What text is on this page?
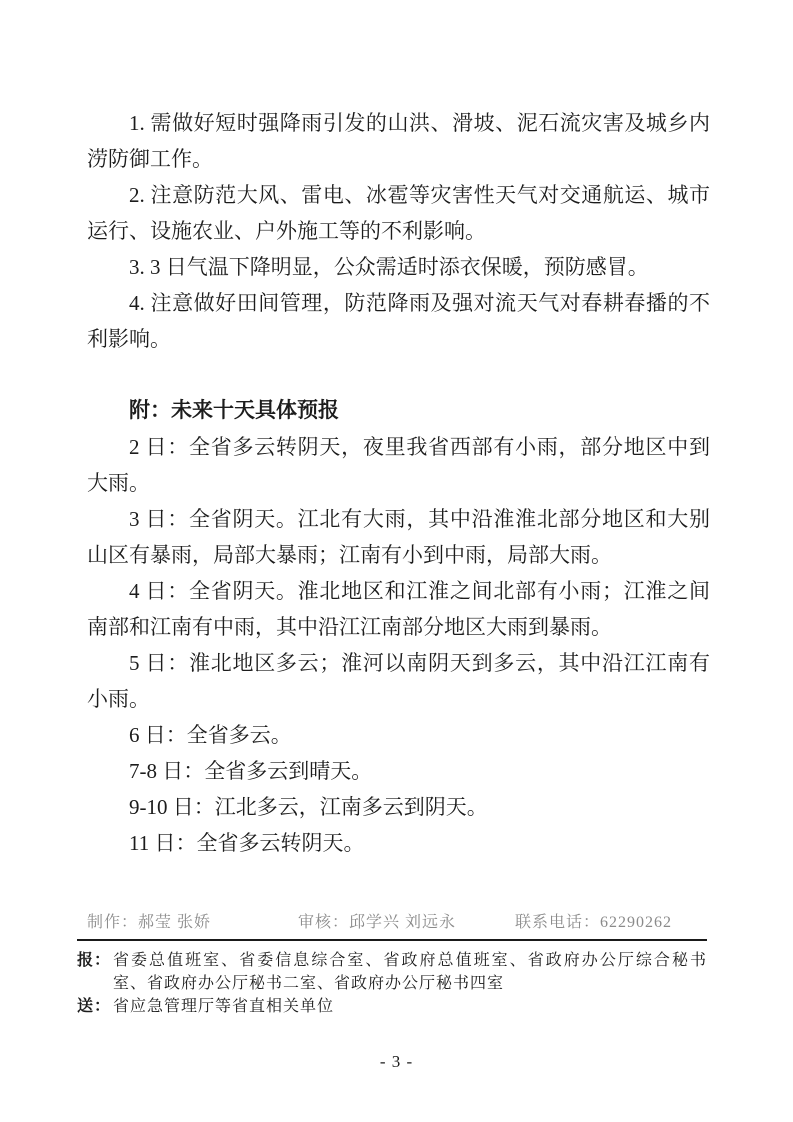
1. 需做好短时强降雨引发的山洪、滑坡、泥石流灾害及城乡内涝防御工作。

2. 注意防范大风、雷电、冰雹等灾害性天气对交通航运、城市运行、设施农业、户外施工等的不利影响。

3. 3 日气温下降明显，公众需适时添衣保暖，预防感冒。

4. 注意做好田间管理，防范降雨及强对流天气对春耕春播的不利影响。

附：未来十天具体预报

2 日：全省多云转阴天，夜里我省西部有小雨，部分地区中到大雨。

3 日：全省阴天。江北有大雨，其中沿淮淮北部分地区和大别山区有暴雨，局部大暴雨；江南有小到中雨，局部大雨。

4 日：全省阴天。淮北地区和江淮之间北部有小雨；江淮之间南部和江南有中雨，其中沿江江南部分地区大雨到暴雨。

5 日：淮北地区多云；淮河以南阴天到多云，其中沿江江南有小雨。

6 日：全省多云。

7-8 日：全省多云到晴天。

9-10 日：江北多云，江南多云到阴天。

11 日：全省多云转阴天。

制作：郝莹 张娇	审核：邱学兴 刘远永	联系电话：62290262
报： 省委总值班室、省委信息综合室、省政府总值班室、省政府办公厅综合秘书室、省政府办公厅秘书二室、省政府办公厅秘书四室
送： 省应急管理厅等省直相关单位
- 3 -
